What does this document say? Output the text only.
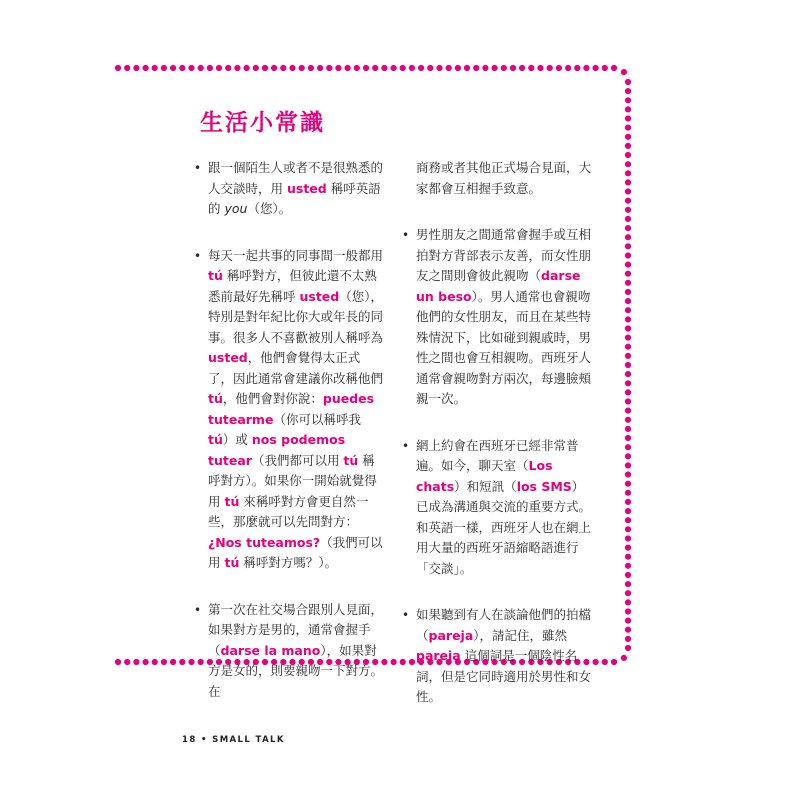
生活小常識
• 跟一個陌生人或者不是很熟悉的人交談時，用 usted 稱呼英語的 you（您）。
• 每天一起共事的同事間一般都用 tú 稱呼對方，但彼此還不太熟悉前最好先稱呼 usted（您），特別是對年紀比你大或年長的同事。很多人不喜歡被別人稱呼為 usted，他們會覺得太正式了，因此通常會建議你改稱他們 tú，他們會對你說：puedes tutearme（你可以稱呼我 tú）或 nos podemos tutear（我們都可以用 tú 稱呼對方）。如果你一開始就覺得用 tú 來稱呼對方會更自然一些，那麼就可以先問對方：¿Nos tuteamos?（我們可以用 tú 稱呼對方嗎？）。
• 第一次在社交場合跟別人見面，如果對方是男的，通常會握手（darse la mano），如果對方是女的，則要親吻一下對方。在
商務或者其他正式場合見面，大家都會互相握手致意。
• 男性朋友之間通常會握手或互相拍對方背部表示友善，而女性朋友之間則會彼此親吻（darse un beso）。男人通常也會親吻他們的女性朋友，而且在某些特殊情況下，比如碰到親戚時，男性之間也會互相親吻。西班牙人通常會親吻對方兩次，每邊臉頰親一次。
• 網上約會在西班牙已經非常普遍。如今，聊天室（Los chats）和短訊（los SMS）已成為溝通與交流的重要方式。和英語一樣，西班牙人也在網上用大量的西班牙語縮略語進行「交談」。
• 如果聽到有人在談論他們的拍檔（pareja），請記住，雖然 pareja 這個詞是一個陰性名詞，但是它同時適用於男性和女性。
18 • SMALL TALK
